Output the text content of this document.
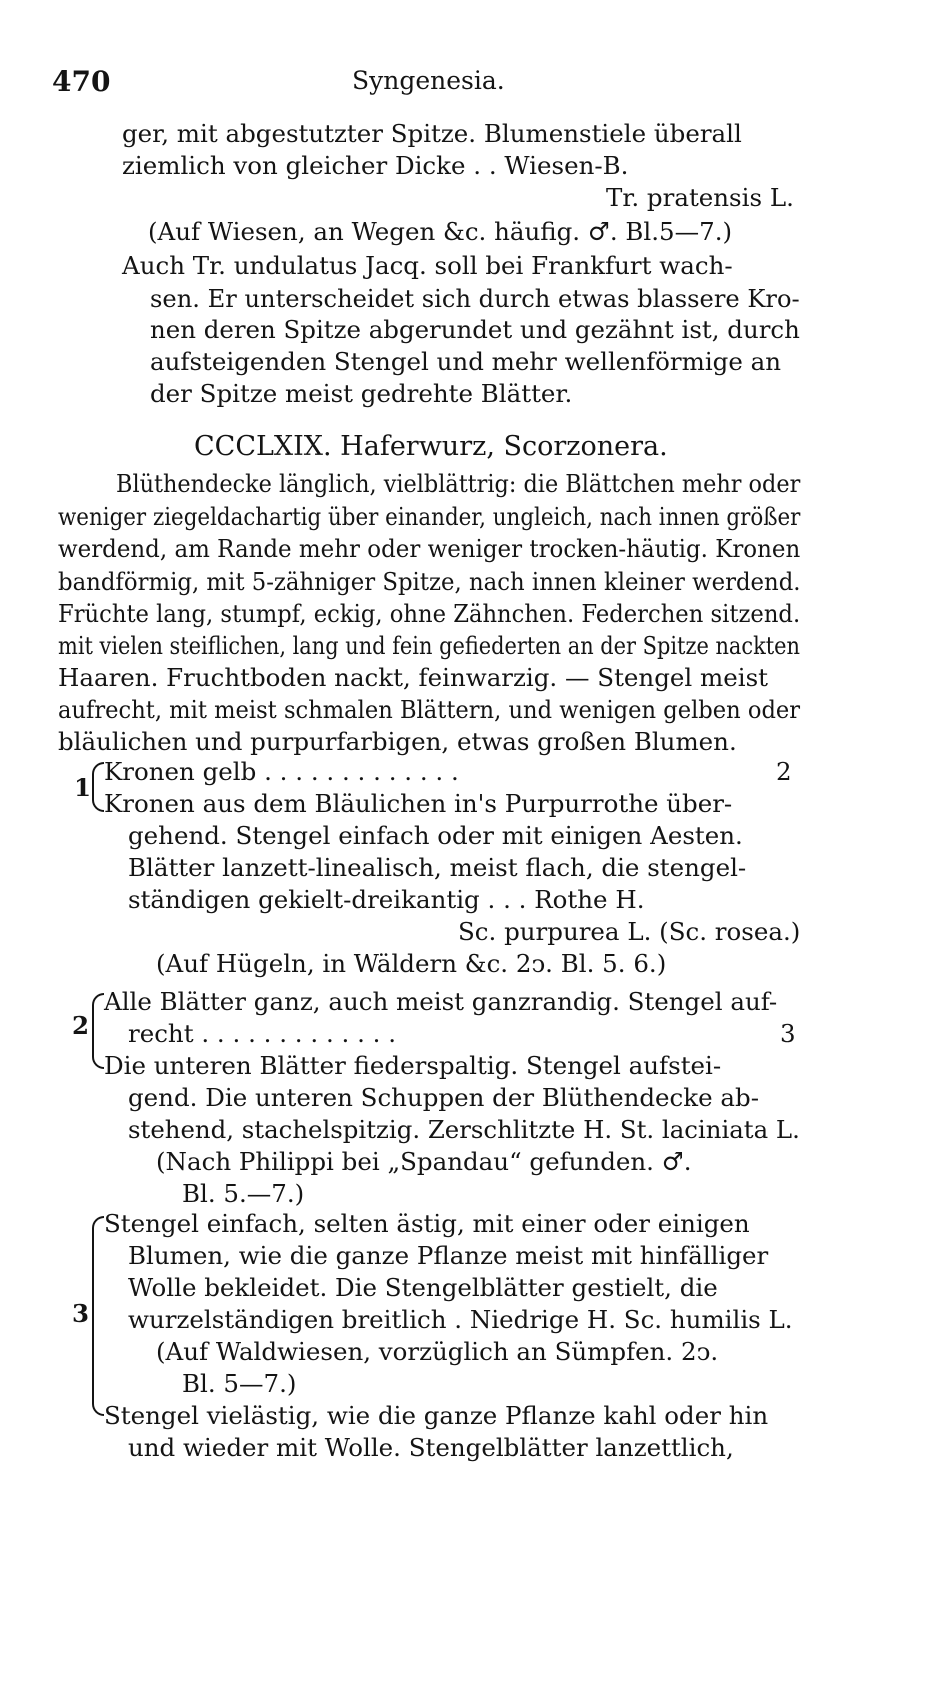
470	Syngenesia.
ger, mit abgestutzter Spitze. Blumenstiele überall
ziemlich von gleicher Dicke . . Wiesen-B.
Tr. pratensis L.
(Auf Wiesen, an Wegen &c. häufig. ♂. Bl.5—7.)
Auch Tr. undulatus Jacq. soll bei Frankfurt wach-
sen. Er unterscheidet sich durch etwas blassere Kro-
nen deren Spitze abgerundet und gezähnt ist, durch
aufsteigenden Stengel und mehr wellenförmige an
der Spitze meist gedrehte Blätter.
CCCLXIX. Haferwurz, Scorzonera.
Blüthendecke länglich, vielblättrig: die Blättchen mehr oder
weniger ziegeldachartig über einander, ungleich, nach innen größer
werdend, am Rande mehr oder weniger trocken-häutig. Kronen
bandförmig, mit 5-zähniger Spitze, nach innen kleiner werdend.
Früchte lang, stumpf, eckig, ohne Zähnchen. Federchen sitzend.
mit vielen steiflichen, lang und fein gefiederten an der Spitze nackten
Haaren. Fruchtboden nackt, feinwarzig. — Stengel meist
aufrecht, mit meist schmalen Blättern, und wenigen gelben oder
bläulichen und purpurfarbigen, etwas großen Blumen.
1
Kronen gelb . . . . . . . . . . . . .	2
Kronen aus dem Bläulichen in's Purpurrothe über-
gehend. Stengel einfach oder mit einigen Aesten.
Blätter lanzett-linealisch, meist flach, die stengel-
ständigen gekielt-dreikantig . . . Rothe H.
Sc. purpurea L. (Sc. rosea.)
(Auf Hügeln, in Wäldern &c. 2ↄ. Bl. 5. 6.)
2
Alle Blätter ganz, auch meist ganzrandig. Stengel auf-
recht . . . . . . . . . . . . .	3
Die unteren Blätter fiederspaltig. Stengel aufstei-
gend. Die unteren Schuppen der Blüthendecke ab-
stehend, stachelspitzig. Zerschlitzte H. St. laciniata L.
(Nach Philippi bei „Spandau“ gefunden. ♂.
Bl. 5.—7.)
3
Stengel einfach, selten ästig, mit einer oder einigen
Blumen, wie die ganze Pflanze meist mit hinfälliger
Wolle bekleidet. Die Stengelblätter gestielt, die
wurzelständigen breitlich . Niedrige H. Sc. humilis L.
(Auf Waldwiesen, vorzüglich an Sümpfen. 2ↄ.
Bl. 5—7.)
Stengel vielästig, wie die ganze Pflanze kahl oder hin
und wieder mit Wolle. Stengelblätter lanzettlich,
